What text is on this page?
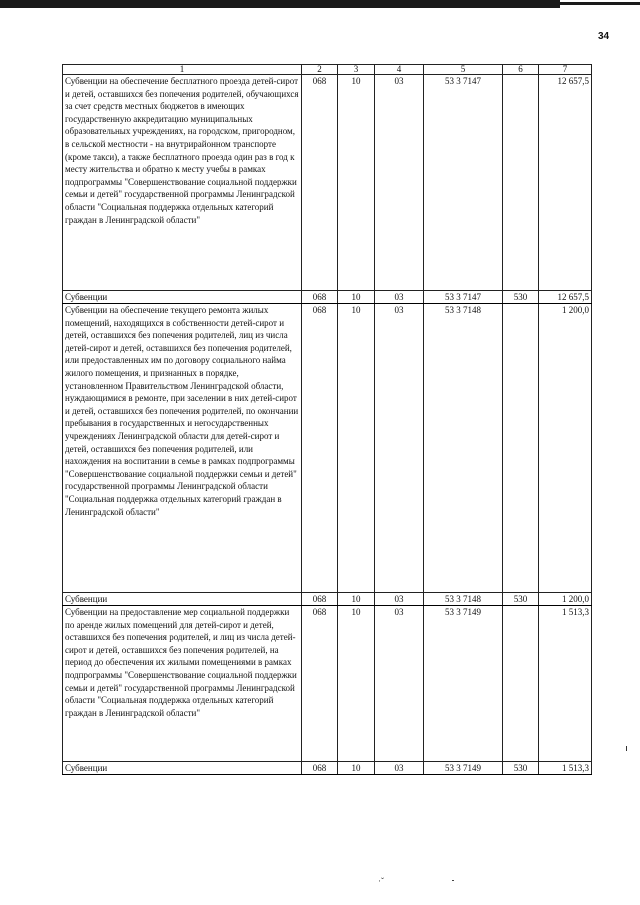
34
1	2	3	4	5	6	7
Субвенции на обеспечение бесплатного проезда детей-сирот и детей, оставшихся без попечения родителей, обучающихся за счет средств местных бюджетов в имеющих государственную аккредитацию муниципальных образовательных учреждениях, на городском, пригородном, в сельской местности - на внутрирайонном транспорте (кроме такси), а также бесплатного проезда один раз в год к месту жительства и обратно к месту учебы в рамках подпрограммы "Совершенствование социальной поддержки семьи и детей" государственной программы Ленинградской области "Социальная поддержка отдельных категорий граждан в Ленинградской области"	068	10	03	53 3 7147		12 657,5
Субвенции	068	10	03	53 3 7147	530	12 657,5
Субвенции на обеспечение текущего ремонта жилых помещений, находящихся в собственности детей-сирот и детей, оставшихся без попечения родителей, лиц из числа детей-сирот и детей, оставшихся без попечения родителей, или предоставленных им по договору социального найма жилого помещения, и признанных в порядке, установленном Правительством Ленинградской области, нуждающимися в ремонте, при заселении в них детей-сирот и детей, оставшихся без попечения родителей, по окончании пребывания в государственных и негосударственных учреждениях Ленинградской области для детей-сирот и детей, оставшихся без попечения родителей, или нахождения на воспитании в семье в рамках подпрограммы "Совершенствование социальной поддержки семьи и детей" государственной программы Ленинградской области "Социальная поддержка отдельных категорий граждан в Ленинградской области"	068	10	03	53 3 7148		1 200,0
Субвенции	068	10	03	53 3 7148	530	1 200,0
Субвенции на предоставление мер социальной поддержки по аренде жилых помещений для детей-сирот и детей, оставшихся без попечения родителей, и лиц из числа детей-сирот и детей, оставшихся без попечения родителей, на период до обеспечения их жилыми помещениями в рамках подпрограммы "Совершенствование социальной поддержки семьи и детей" государственной программы Ленинградской области "Социальная поддержка отдельных категорий граждан в Ленинградской области"	068	10	03	53 3 7149		1 513,3
Субвенции	068	10	03	53 3 7149	530	1 513,3
·ˇ
